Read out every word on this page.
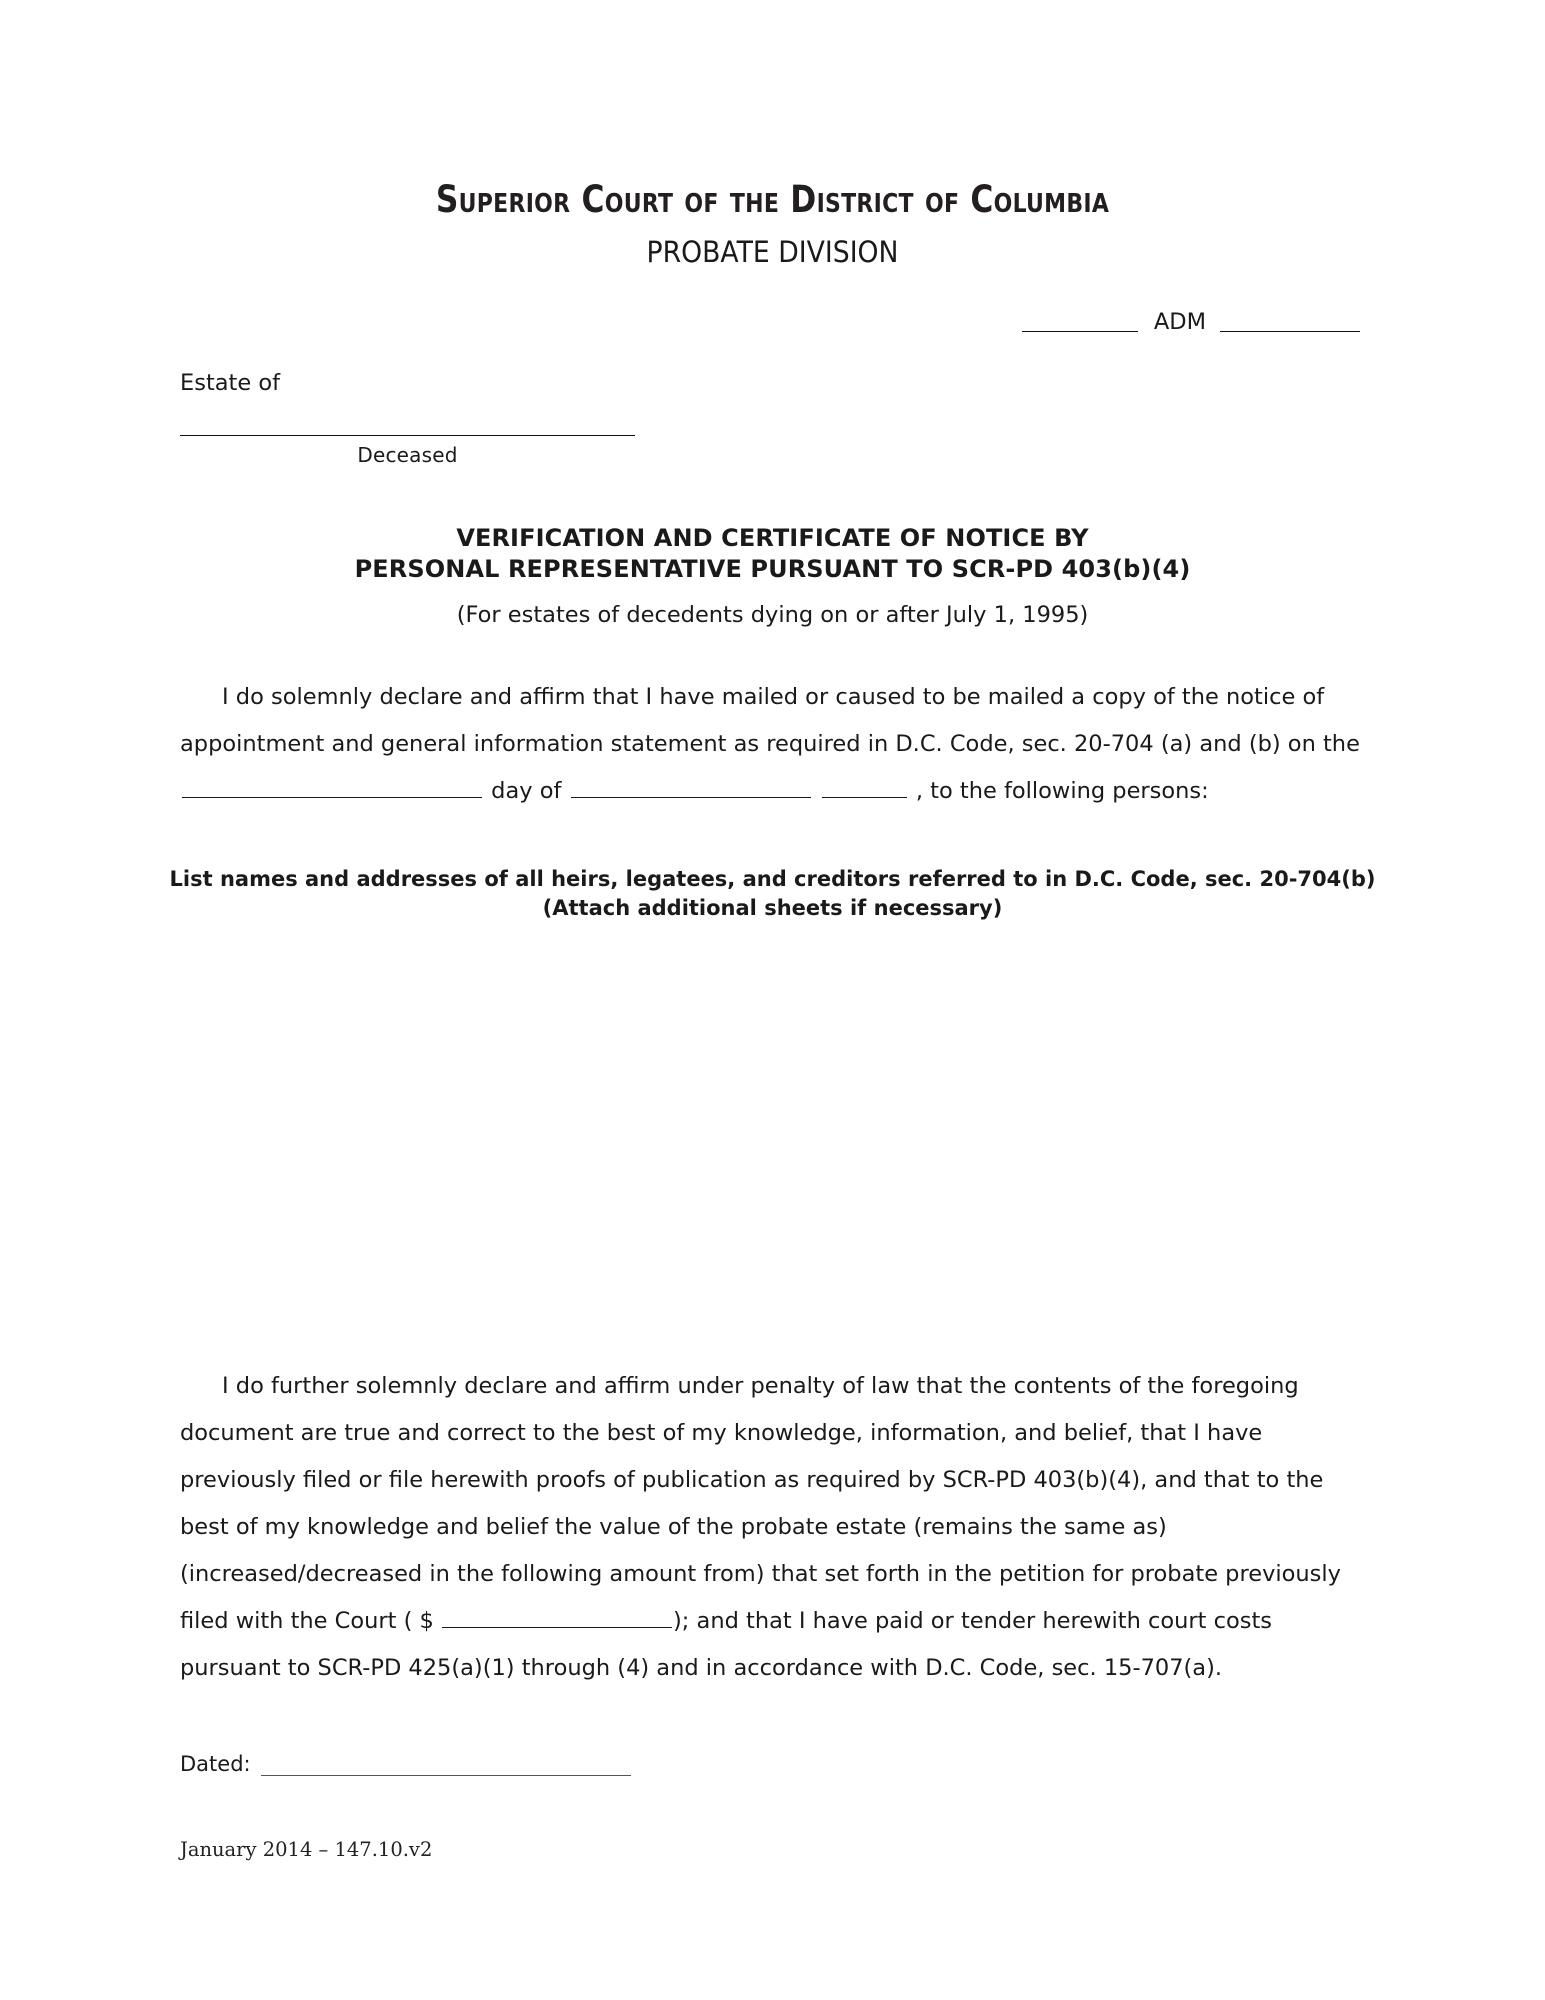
Superior Court of the District of Columbia
PROBATE DIVISION
ADM
Estate of
Deceased
VERIFICATION AND CERTIFICATE OF NOTICE BY
PERSONAL REPRESENTATIVE PURSUANT TO SCR-PD 403(b)(4)
(For estates of decedents dying on or after July 1, 1995)
I do solemnly declare and affirm that I have mailed or caused to be mailed a copy of the notice of appointment and general information statement as required in D.C. Code, sec. 20-704 (a) and (b) on the  day of	, to the following persons:
List names and addresses of all heirs, legatees, and creditors referred to in D.C. Code, sec. 20-704(b)
(Attach additional sheets if necessary)
I do further solemnly declare and affirm under penalty of law that the contents of the foregoing document are true and correct to the best of my knowledge, information, and belief, that I have previously filed or file herewith proofs of publication as required by SCR-PD 403(b)(4), and that to the best of my knowledge and belief the value of the probate estate (remains the same as) (increased/decreased in the following amount from) that set forth in the petition for probate previously filed with the Court ( $	); and that I have paid or tender herewith court costs pursuant to SCR-PD 425(a)(1) through (4) and in accordance with D.C. Code, sec. 15-707(a).
Dated:
January 2014 – 147.10.v2
